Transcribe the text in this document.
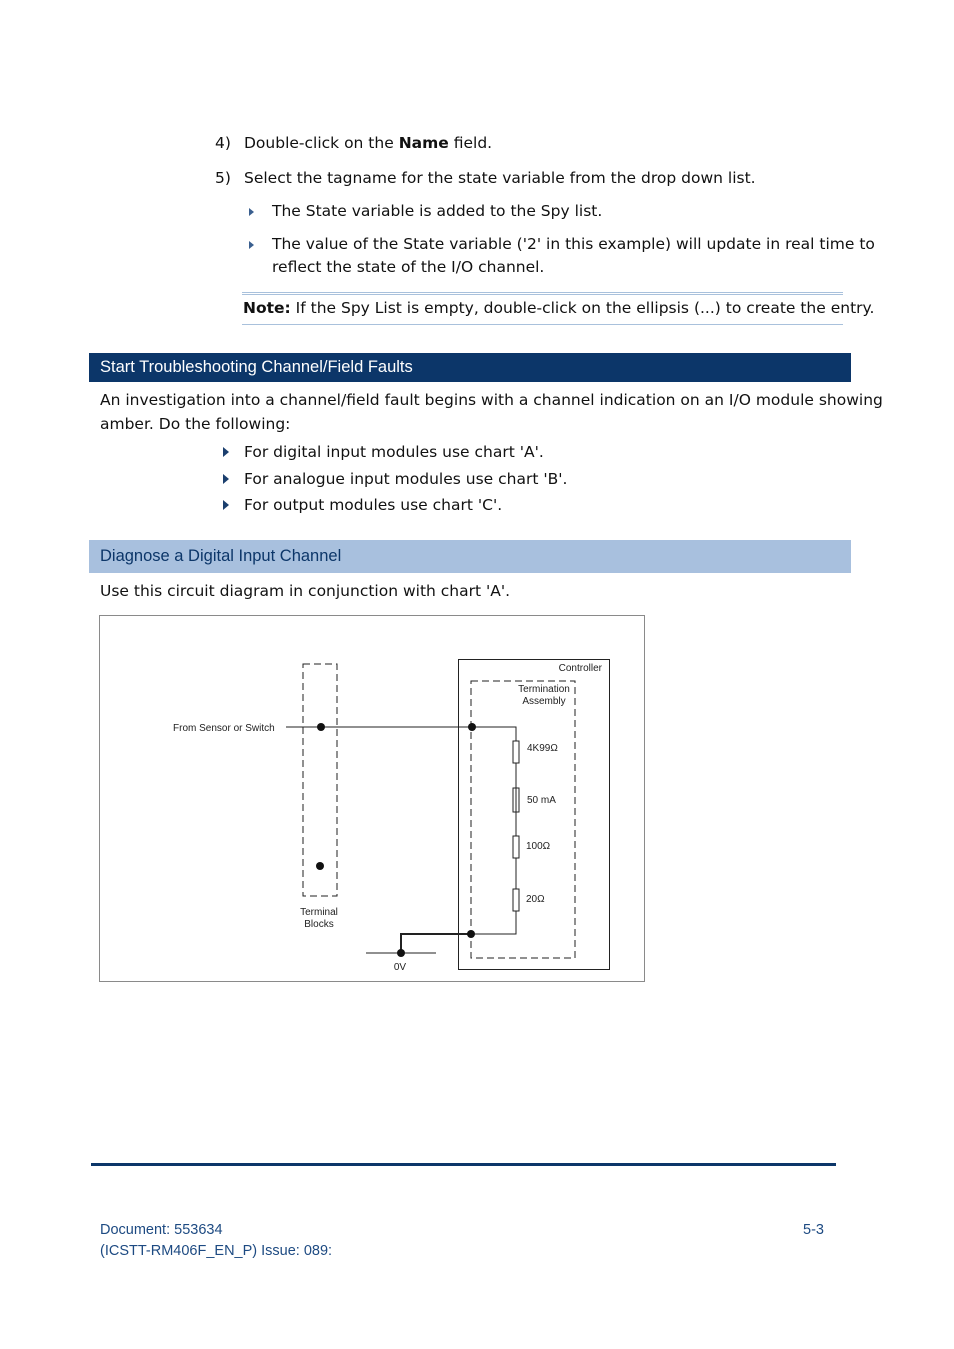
4) Double-click on the Name field.
5) Select the tagname for the state variable from the drop down list.
The State variable is added to the Spy list.
The value of the State variable ('2' in this example) will update in real time to
reflect the state of the I/O channel.
Note: If the Spy List is empty, double-click on the ellipsis (...) to create the entry.
Start Troubleshooting Channel/Field Faults
An investigation into a channel/field fault begins with a channel indication on an I/O module showing
amber. Do the following:
For digital input modules use chart 'A'.
For analogue input modules use chart 'B'.
For output modules use chart 'C'.
Diagnose a Digital Input Channel
Use this circuit diagram in conjunction with chart 'A'.
Controller
Termination
Assembly
From Sensor or Switch
4K99Ω
50 mA
100Ω
20Ω
Terminal
Blocks
0V
Document: 553634
(ICSTT-RM406F_EN_P) Issue: 089:
5-3
